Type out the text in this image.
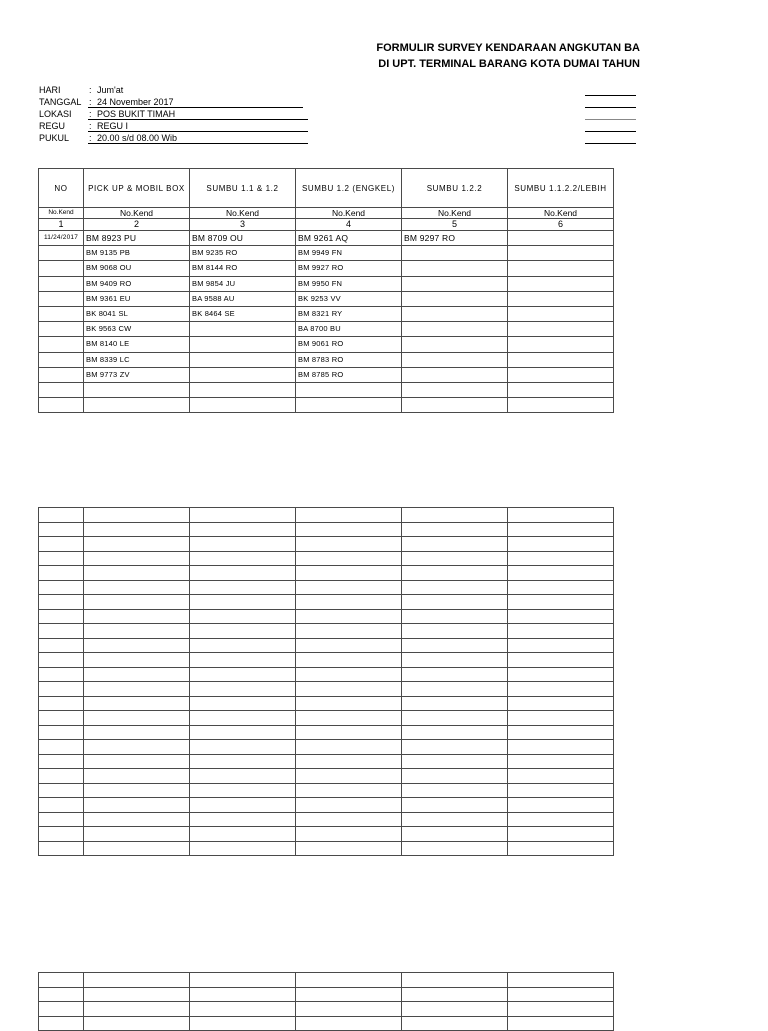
FORMULIR SURVEY KENDARAAN ANGKUTAN BA
DI UPT. TERMINAL BARANG KOTA DUMAI TAHUN
HARI	: Jum'at
TANGGAL : 24 November 2017
LOKASI : POS BUKIT TIMAH
REGU	: REGU I
PUKUL : 20.00 s/d 08.00 Wib
NO	PICK UP & MOBIL BOX	SUMBU 1.1 & 1.2	SUMBU 1.2 (ENGKEL)	SUMBU 1.2.2	SUMBU 1.1.2.2/LEBIH
No.Kend	No.Kend	No.Kend	No.Kend	No.Kend	No.Kend
1	2	3	4	5	6
11/24/2017	BM 8923 PU	BM 8709 OU	BM 9261 AQ	BM 9297 RO	
	BM 9135 PB	BM 9235 RO	BM 9949 FN		
	BM 9068 OU	BM 8144 RO	BM 9927 RO		
	BM 9409 RO	BM 9854 JU	BM 9950 FN		
	BM 9361 EU	BA 9588 AU	BK 9253 VV		
	BK 8041 SL	BK 8464 SE	BM 8321 RY		
	BK 9563 CW		BA 8700 BU		
	BM 8140 LE		BM 9061 RO		
	BM 8339 LC		BM 8783 RO		
	BM 9773 ZV		BM 8785 RO		
